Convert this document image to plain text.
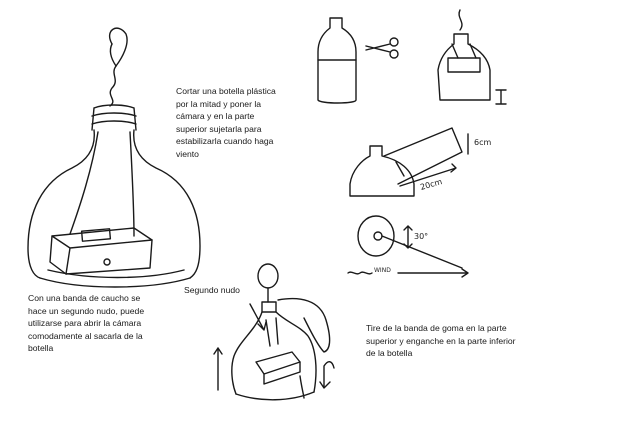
Cortar una botella plástica
por la mitad y poner la
cámara y en la parte
superior sujetarla para
estabilizarla cuando haga
viento
Segundo nudo
Con una banda de caucho se
hace un segundo nudo, puede
utilizarse para abrir la cámara
comodamente al sacarla de la
botella
Tire de la banda de goma en la parte
superior y enganche en la parte inferior
de la botella
6cm
20cm
30°
WIND
